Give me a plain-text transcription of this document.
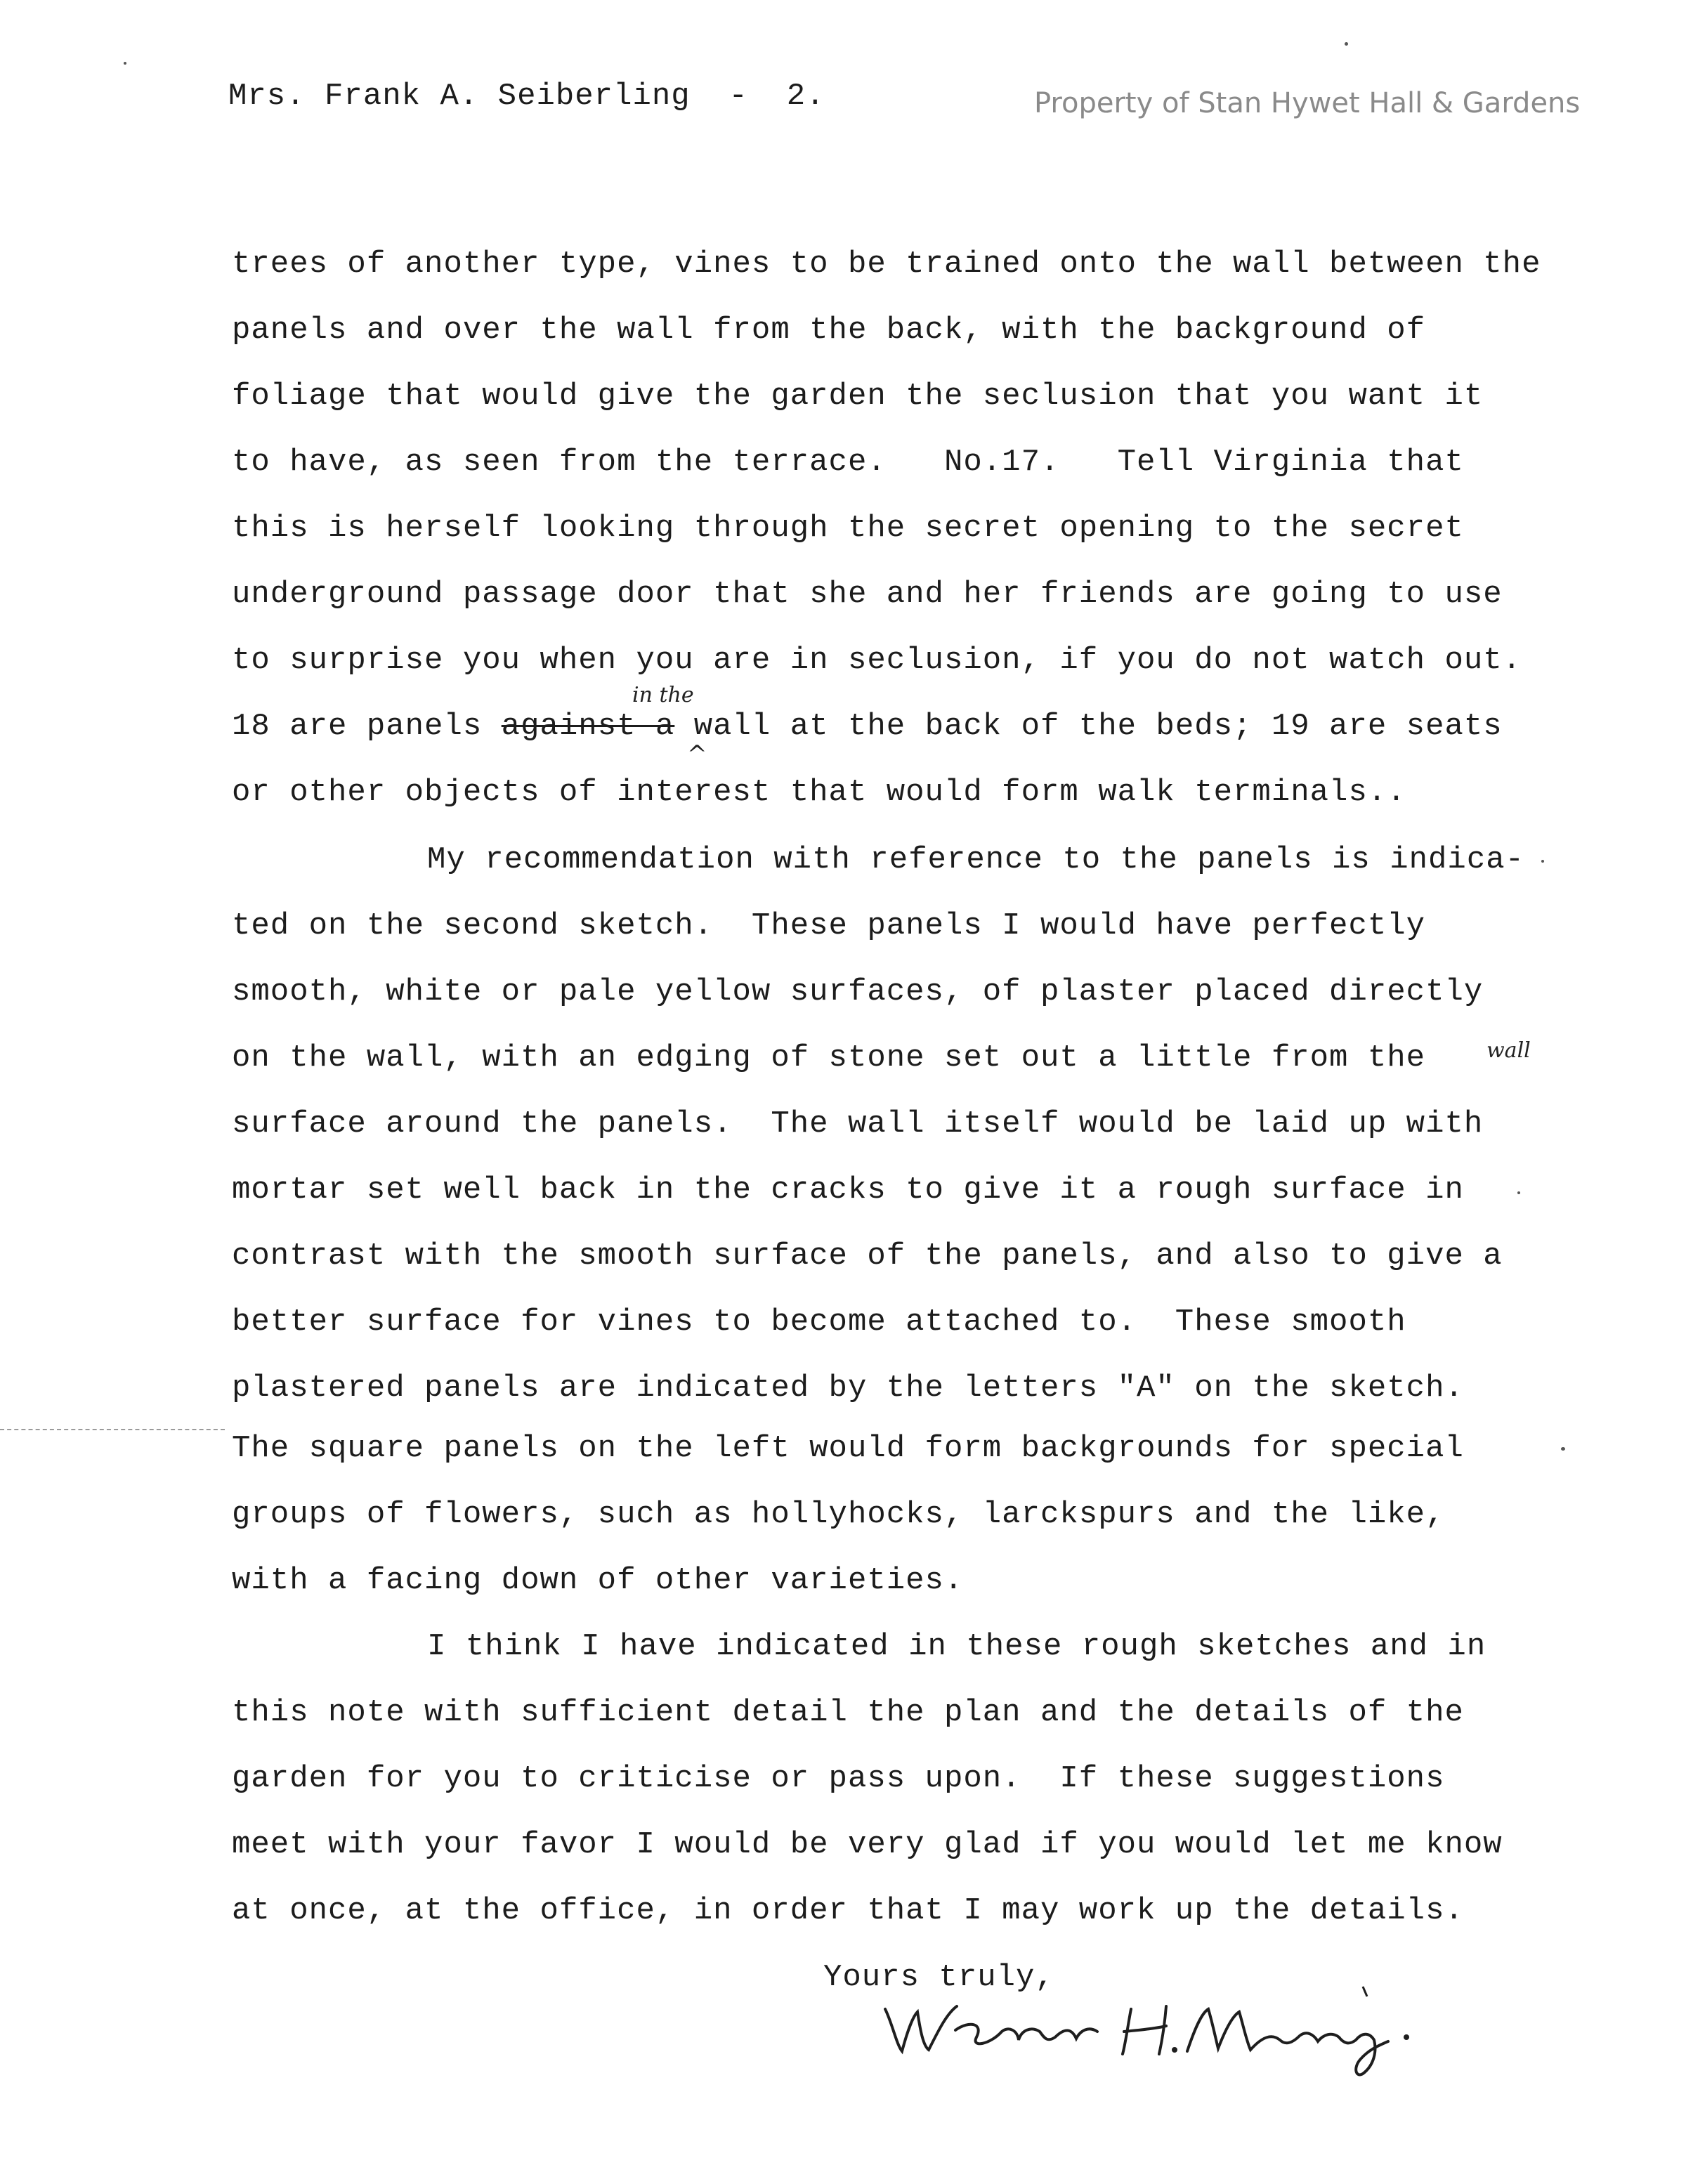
Mrs. Frank A. Seiberling  -  2.	Property of Stan Hywet Hall & Gardens
trees of another type, vines to be trained onto the wall between the
panels and over the wall from the back, with the background of
foliage that would give the garden the seclusion that you want it
to have, as seen from the terrace.   No.17.   Tell Virginia that
this is herself looking through the secret opening to the secret
underground passage door that she and her friends are going to use
to surprise you when you are in seclusion, if you do not watch out.
18 are panels against a wall at the back of the beds; 19 are seats
in the
^
or other objects of interest that would form walk terminals..
My recommendation with reference to the panels is indica-
ted on the second sketch.  These panels I would have perfectly
smooth, white or pale yellow surfaces, of plaster placed directly
on the wall, with an edging of stone set out a little from the	wall
surface around the panels.  The wall itself would be laid up with
mortar set well back in the cracks to give it a rough surface in
contrast with the smooth surface of the panels, and also to give a
better surface for vines to become attached to.  These smooth
plastered panels are indicated by the letters "A" on the sketch.
The square panels on the left would form backgrounds for special
groups of flowers, such as hollyhocks, larckspurs and the like,
with a facing down of other varieties.
I think I have indicated in these rough sketches and in
this note with sufficient detail the plan and the details of the
garden for you to criticise or pass upon.  If these suggestions
meet with your favor I would be very glad if you would let me know
at once, at the office, in order that I may work up the details.
Yours truly,
